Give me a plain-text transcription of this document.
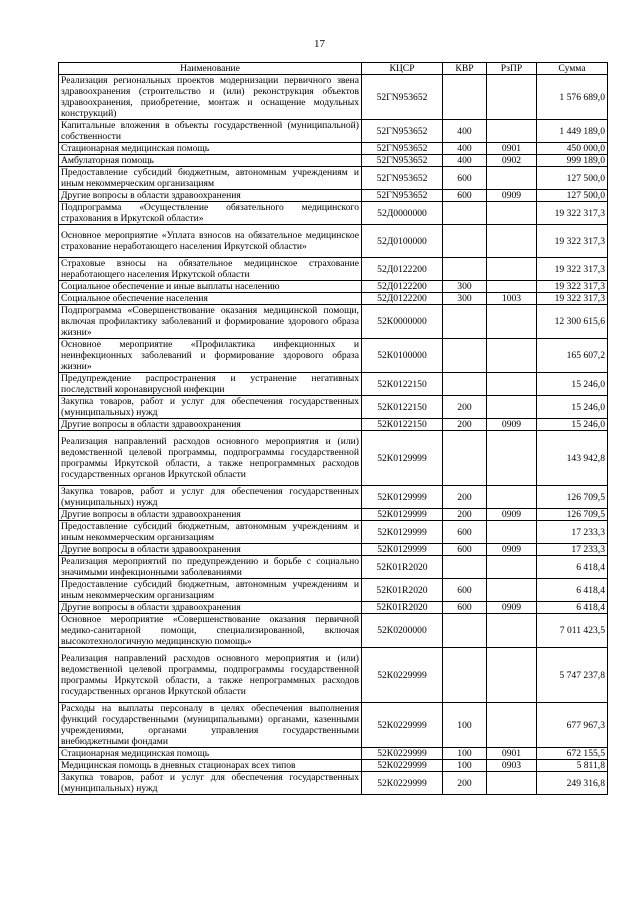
17
Наименование	КЦСР	КВР	РзПР	Сумма
Реализация региональных проектов модернизации первичного звена здравоохранения (строительство и (или) реконструкция объектов здравоохранения, приобретение, монтаж и оснащение модульных конструкций)	52ГN953652			1 576 689,0
Капитальные вложения в объекты государственной (муниципальной) собственности	52ГN953652	400		1 449 189,0
Стационарная медицинская помощь	52ГN953652	400	0901	450 000,0
Амбулаторная помощь	52ГN953652	400	0902	999 189,0
Предоставление субсидий бюджетным, автономным учреждениям и иным некоммерческим организациям	52ГN953652	600		127 500,0
Другие вопросы в области здравоохранения	52ГN953652	600	0909	127 500,0
Подпрограмма «Осуществление обязательного медицинского страхования в Иркутской области»	52Д0000000			19 322 317,3
Основное мероприятие «Уплата взносов на обязательное медицинское страхование неработающего населения Иркутской области»	52Д0100000			19 322 317,3
Страховые взносы на обязательное медицинское страхование неработающего населения Иркутской области	52Д0122200			19 322 317,3
Социальное обеспечение и иные выплаты населению	52Д0122200	300		19 322 317,3
Социальное обеспечение населения	52Д0122200	300	1003	19 322 317,3
Подпрограмма «Совершенствование оказания медицинской помощи, включая профилактику заболеваний и формирование здорового образа жизни»	52К0000000			12 300 615,6
Основное мероприятие «Профилактика инфекционных и неинфекционных заболеваний и формирование здорового образа жизни»	52К0100000			165 607,2
Предупреждение распространения и устранение негативных последствий коронавирусной инфекции	52К0122150			15 246,0
Закупка товаров, работ и услуг для обеспечения государственных (муниципальных) нужд	52К0122150	200		15 246,0
Другие вопросы в области здравоохранения	52К0122150	200	0909	15 246,0
Реализация направлений расходов основного мероприятия и (или) ведомственной целевой программы, подпрограммы государственной программы Иркутской области, а также непрограммных расходов государственных органов Иркутской области	52К0129999			143 942,8
Закупка товаров, работ и услуг для обеспечения государственных (муниципальных) нужд	52К0129999	200		126 709,5
Другие вопросы в области здравоохранения	52К0129999	200	0909	126 709,5
Предоставление субсидий бюджетным, автономным учреждениям и иным некоммерческим организациям	52К0129999	600		17 233,3
Другие вопросы в области здравоохранения	52К0129999	600	0909	17 233,3
Реализация мероприятий по предупреждению и борьбе с социально значимыми инфекционными заболеваниями	52К01R2020			6 418,4
Предоставление субсидий бюджетным, автономным учреждениям и иным некоммерческим организациям	52К01R2020	600		6 418,4
Другие вопросы в области здравоохранения	52К01R2020	600	0909	6 418,4
Основное мероприятие «Совершенствование оказания первичной медико-санитарной помощи, специализированной, включая высокотехнологичную медицинскую помощь»	52К0200000			7 011 423,5
Реализация направлений расходов основного мероприятия и (или) ведомственной целевой программы, подпрограммы государственной программы Иркутской области, а также непрограммных расходов государственных органов Иркутской области	52К0229999			5 747 237,8
Расходы на выплаты персоналу в целях обеспечения выполнения функций государственными (муниципальными) органами, казенными учреждениями, органами управления государственными внебюджетными фондами	52К0229999	100		677 967,3
Стационарная медицинская помощь	52К0229999	100	0901	672 155,5
Медицинская помощь в дневных стационарах всех типов	52К0229999	100	0903	5 811,8
Закупка товаров, работ и услуг для обеспечения государственных (муниципальных) нужд	52К0229999	200		249 316,8
